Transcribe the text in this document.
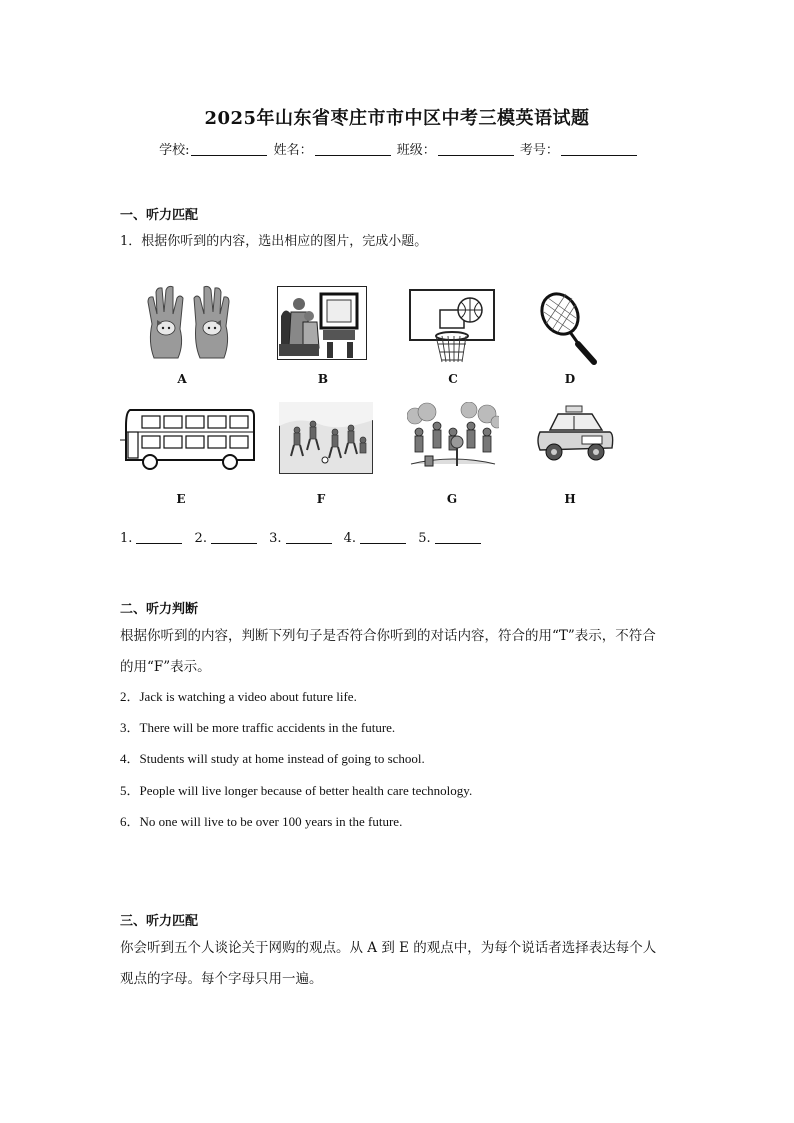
2025年山东省枣庄市市中区中考三模英语试题
学校:	姓名：	班级：	考号：
一、听力匹配
1．根据你听到的内容，选出相应的图片，完成小题。
A	B	C	D
E	F	G	H
1.	2.	3.	4.	5.
二、听力判断
根据你听到的内容，判断下列句子是否符合你听到的对话内容，符合的用“T”表示，不符合
的用“F”表示。
2．Jack is watching a video about future life.
3．There will be more traffic accidents in the future.
4．Students will study at home instead of going to school.
5．People will live longer because of better health care technology.
6．No one will live to be over 100 years in the future.
三、听力匹配
你会听到五个人谈论关于网购的观点。从 A 到 E 的观点中，为每个说话者选择表达每个人
观点的字母。每个字母只用一遍。
